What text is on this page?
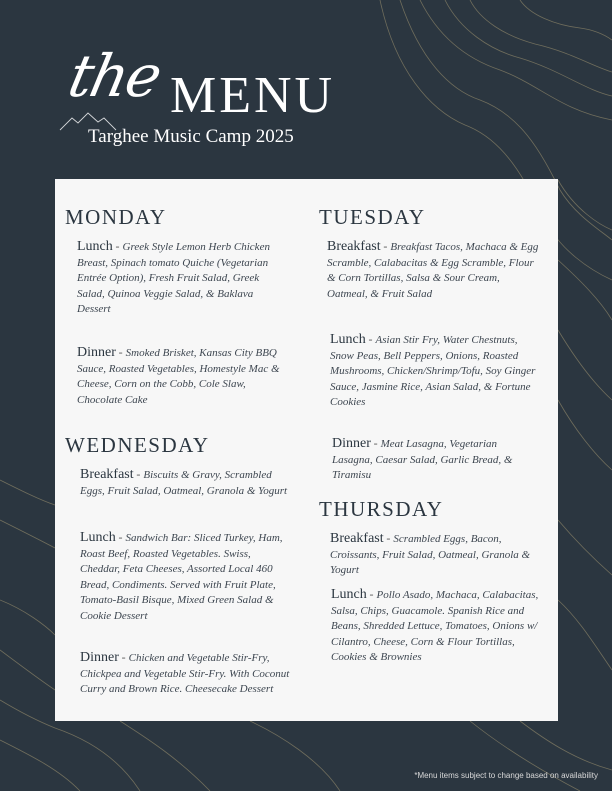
the MENU
Targhee Music Camp 2025
MONDAY
Lunch - Greek Style Lemon Herb Chicken Breast, Spinach tomato Quiche (Vegetarian Entrée Option), Fresh Fruit Salad, Greek Salad, Quinoa Veggie Salad, & Baklava Dessert
Dinner - Smoked Brisket, Kansas City BBQ Sauce, Roasted Vegetables, Homestyle Mac & Cheese, Corn on the Cobb, Cole Slaw, Chocolate Cake
WEDNESDAY
Breakfast - Biscuits & Gravy, Scrambled Eggs, Fruit Salad, Oatmeal, Granola & Yogurt
Lunch - Sandwich Bar: Sliced Turkey, Ham, Roast Beef, Roasted Vegetables. Swiss, Cheddar, Feta Cheeses, Assorted Local 460 Bread, Condiments. Served with Fruit Plate, Tomato-Basil Bisque, Mixed Green Salad & Cookie Dessert
Dinner - Chicken and Vegetable Stir-Fry, Chickpea and Vegetable Stir-Fry. With Coconut Curry and Brown Rice. Cheesecake Dessert
TUESDAY
Breakfast - Breakfast Tacos, Machaca & Egg Scramble, Calabacitas & Egg Scramble, Flour & Corn Tortillas, Salsa & Sour Cream, Oatmeal, & Fruit Salad
Lunch - Asian Stir Fry, Water Chestnuts, Snow Peas, Bell Peppers, Onions, Roasted Mushrooms, Chicken/Shrimp/Tofu, Soy Ginger Sauce, Jasmine Rice, Asian Salad, & Fortune Cookies
Dinner - Meat Lasagna, Vegetarian Lasagna, Caesar Salad, Garlic Bread, & Tiramisu
THURSDAY
Breakfast - Scrambled Eggs, Bacon, Croissants, Fruit Salad, Oatmeal, Granola & Yogurt
Lunch - Pollo Asado, Machaca, Calabacitas, Salsa, Chips, Guacamole. Spanish Rice and Beans, Shredded Lettuce, Tomatoes, Onions w/ Cilantro, Cheese, Corn & Flour Tortillas, Cookies & Brownies
*Menu items subject to change based on availability
